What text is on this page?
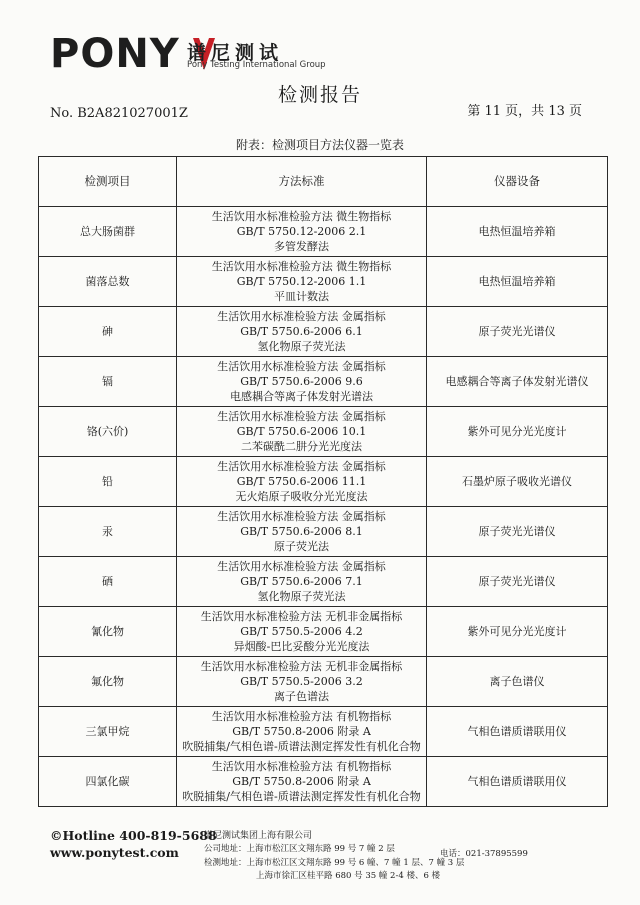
PONY 谱尼测试
Pony Testing International Group
检测报告
No. B2A821027001Z	第 11 页，共 13 页
附表：检测项目方法仪器一览表
检测项目	方法标准	仪器设备
总大肠菌群	生活饮用水标准检验方法 微生物指标
GB/T 5750.12-2006 2.1
多管发酵法	电热恒温培养箱
菌落总数	生活饮用水标准检验方法 微生物指标
GB/T 5750.12-2006 1.1
平皿计数法	电热恒温培养箱
砷	生活饮用水标准检验方法 金属指标
GB/T 5750.6-2006 6.1
氢化物原子荧光法	原子荧光光谱仪
镉	生活饮用水标准检验方法 金属指标
GB/T 5750.6-2006 9.6
电感耦合等离子体发射光谱法	电感耦合等离子体发射光谱仪
铬(六价)	生活饮用水标准检验方法 金属指标
GB/T 5750.6-2006 10.1
二苯碳酰二肼分光光度法	紫外可见分光光度计
铅	生活饮用水标准检验方法 金属指标
GB/T 5750.6-2006 11.1
无火焰原子吸收分光光度法	石墨炉原子吸收光谱仪
汞	生活饮用水标准检验方法 金属指标
GB/T 5750.6-2006 8.1
原子荧光法	原子荧光光谱仪
硒	生活饮用水标准检验方法 金属指标
GB/T 5750.6-2006 7.1
氢化物原子荧光法	原子荧光光谱仪
氰化物	生活饮用水标准检验方法 无机非金属指标
GB/T 5750.5-2006 4.2
异烟酸-巴比妥酸分光光度法	紫外可见分光光度计
氟化物	生活饮用水标准检验方法 无机非金属指标
GB/T 5750.5-2006 3.2
离子色谱法	离子色谱仪
三氯甲烷	生活饮用水标准检验方法 有机物指标
GB/T 5750.8-2006 附录 A
吹脱捕集/气相色谱-质谱法测定挥发性有机化合物	气相色谱质谱联用仪
四氯化碳	生活饮用水标准检验方法 有机物指标
GB/T 5750.8-2006 附录 A
吹脱捕集/气相色谱-质谱法测定挥发性有机化合物	气相色谱质谱联用仪
©Hotline 400-819-5688
www.ponytest.com
谱尼测试集团上海有限公司
公司地址：上海市松江区文翔东路 99 号 7 幢 2 层
检测地址：上海市松江区文翔东路 99 号 6 幢、7 幢 1 层、7 幢 3 层
上海市徐汇区桂平路 680 号 35 幢 2-4 楼、6 楼
电话：021-37895599
